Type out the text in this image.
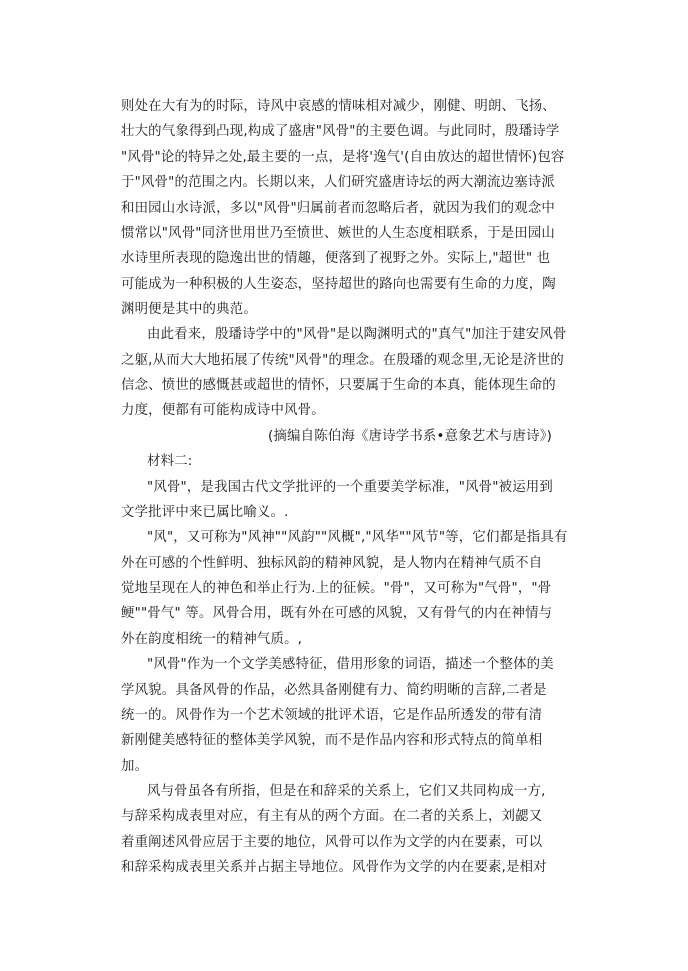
则处在大有为的时际，诗风中哀感的情味相对减少，刚健、明朗、飞扬、
壮大的气象得到凸现,构成了盛唐"风骨"的主要色调。与此同时，殷璠诗学
"风骨"论的特异之处,最主要的一点，是将'逸气'(自由放达的超世情怀)包容
于"风骨"的范围之内。长期以来，人们研究盛唐诗坛的两大潮流边塞诗派
和田园山水诗派，多以"风骨"归属前者而忽略后者，就因为我们的观念中
惯常以"风骨"同济世用世乃至愤世、嫉世的人生态度相联系，于是田园山
水诗里所表现的隐逸出世的情趣，便落到了视野之外。实际上,"超世" 也
可能成为一种积极的人生姿态，坚持超世的路向也需要有生命的力度，陶
渊明便是其中的典范。
由此看来，殷璠诗学中的"风骨"是以陶渊明式的"真气"加注于建安风骨
之躯,从而大大地拓展了传统"风骨"的理念。在殷璠的观念里,无论是济世的
信念、愤世的感慨甚或超世的情怀，只要属于生命的本真，能体现生命的
力度，便都有可能构成诗中风骨。
(摘编自陈伯海《唐诗学书系•意象艺术与唐诗》)
材料二:
"风骨"，是我国古代文学批评的一个重要美学标准，"风骨"被运用到
文学批评中来已属比喻义。.
"风"，又可称为"风神""风韵""风概","风华""风节"等，它们都是指具有
外在可感的个性鲜明、独标风韵的精神风貌，是人物内在精神气质不自
觉地呈现在人的神色和举止行为.上的征候。"骨"，又可称为"气骨"，"骨
鲠""骨气" 等。风骨合用，既有外在可感的风貌，又有骨气的内在神情与
外在韵度相统一的精神气质。,
"风骨"作为一个文学美感特征，借用形象的词语，描述一个整体的美
学风貌。具备风骨的作品，必然具备刚健有力、简约明晰的言辞,二者是
统一的。风骨作为一个艺术领域的批评术语，它是作品所透发的带有清
新刚健美感特征的整体美学风貌，而不是作品内容和形式特点的简单相
加。
风与骨虽各有所指，但是在和辞采的关系上，它们又共同构成一方,
与辞采构成表里对应，有主有从的两个方面。在二者的关系上，刘勰又
着重阐述风骨应居于主要的地位，风骨可以作为文学的内在要素，可以
和辞采构成表里关系并占据主导地位。风骨作为文学的内在要素,是相对
